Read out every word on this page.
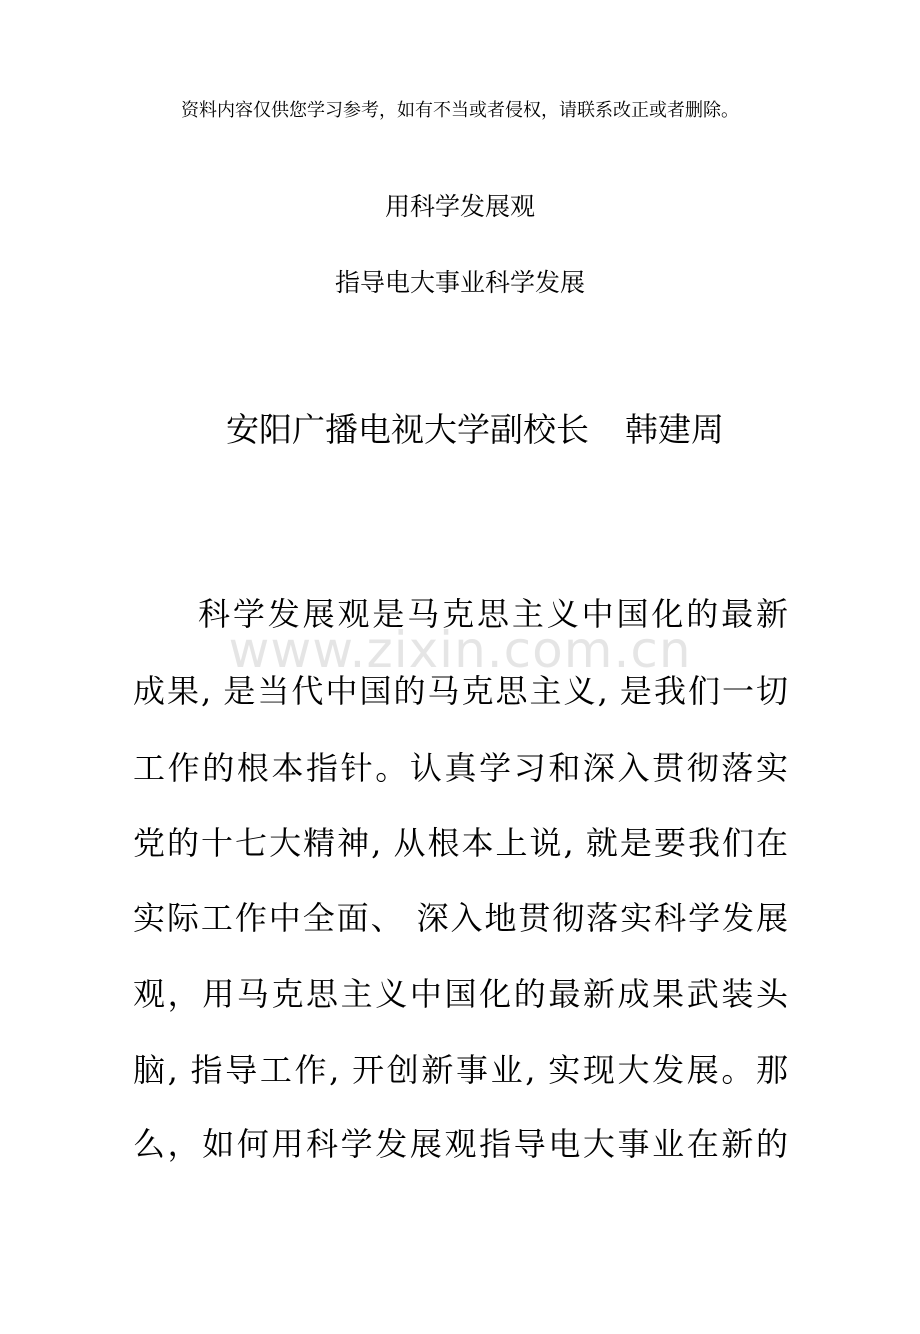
资料内容仅供您学习参考，如有不当或者侵权，请联系改正或者删除。
用科学发展观
指导电大事业科学发展
安阳广播电视大学副校长 韩建周
www.zixin.com.cn
科学发展观是马克思主义中国化的最新
成果, 是当代中国的马克思主义, 是我们一切
工作的根本指针。认真学习和深入贯彻落实
党的十七大精神, 从根本上说, 就是要我们在
实际工作中全面、 深入地贯彻落实科学发展
观，用马克思主义中国化的最新成果武装头
脑, 指导工作, 开创新事业, 实现大发展。那
么，如何用科学发展观指导电大事业在新的
